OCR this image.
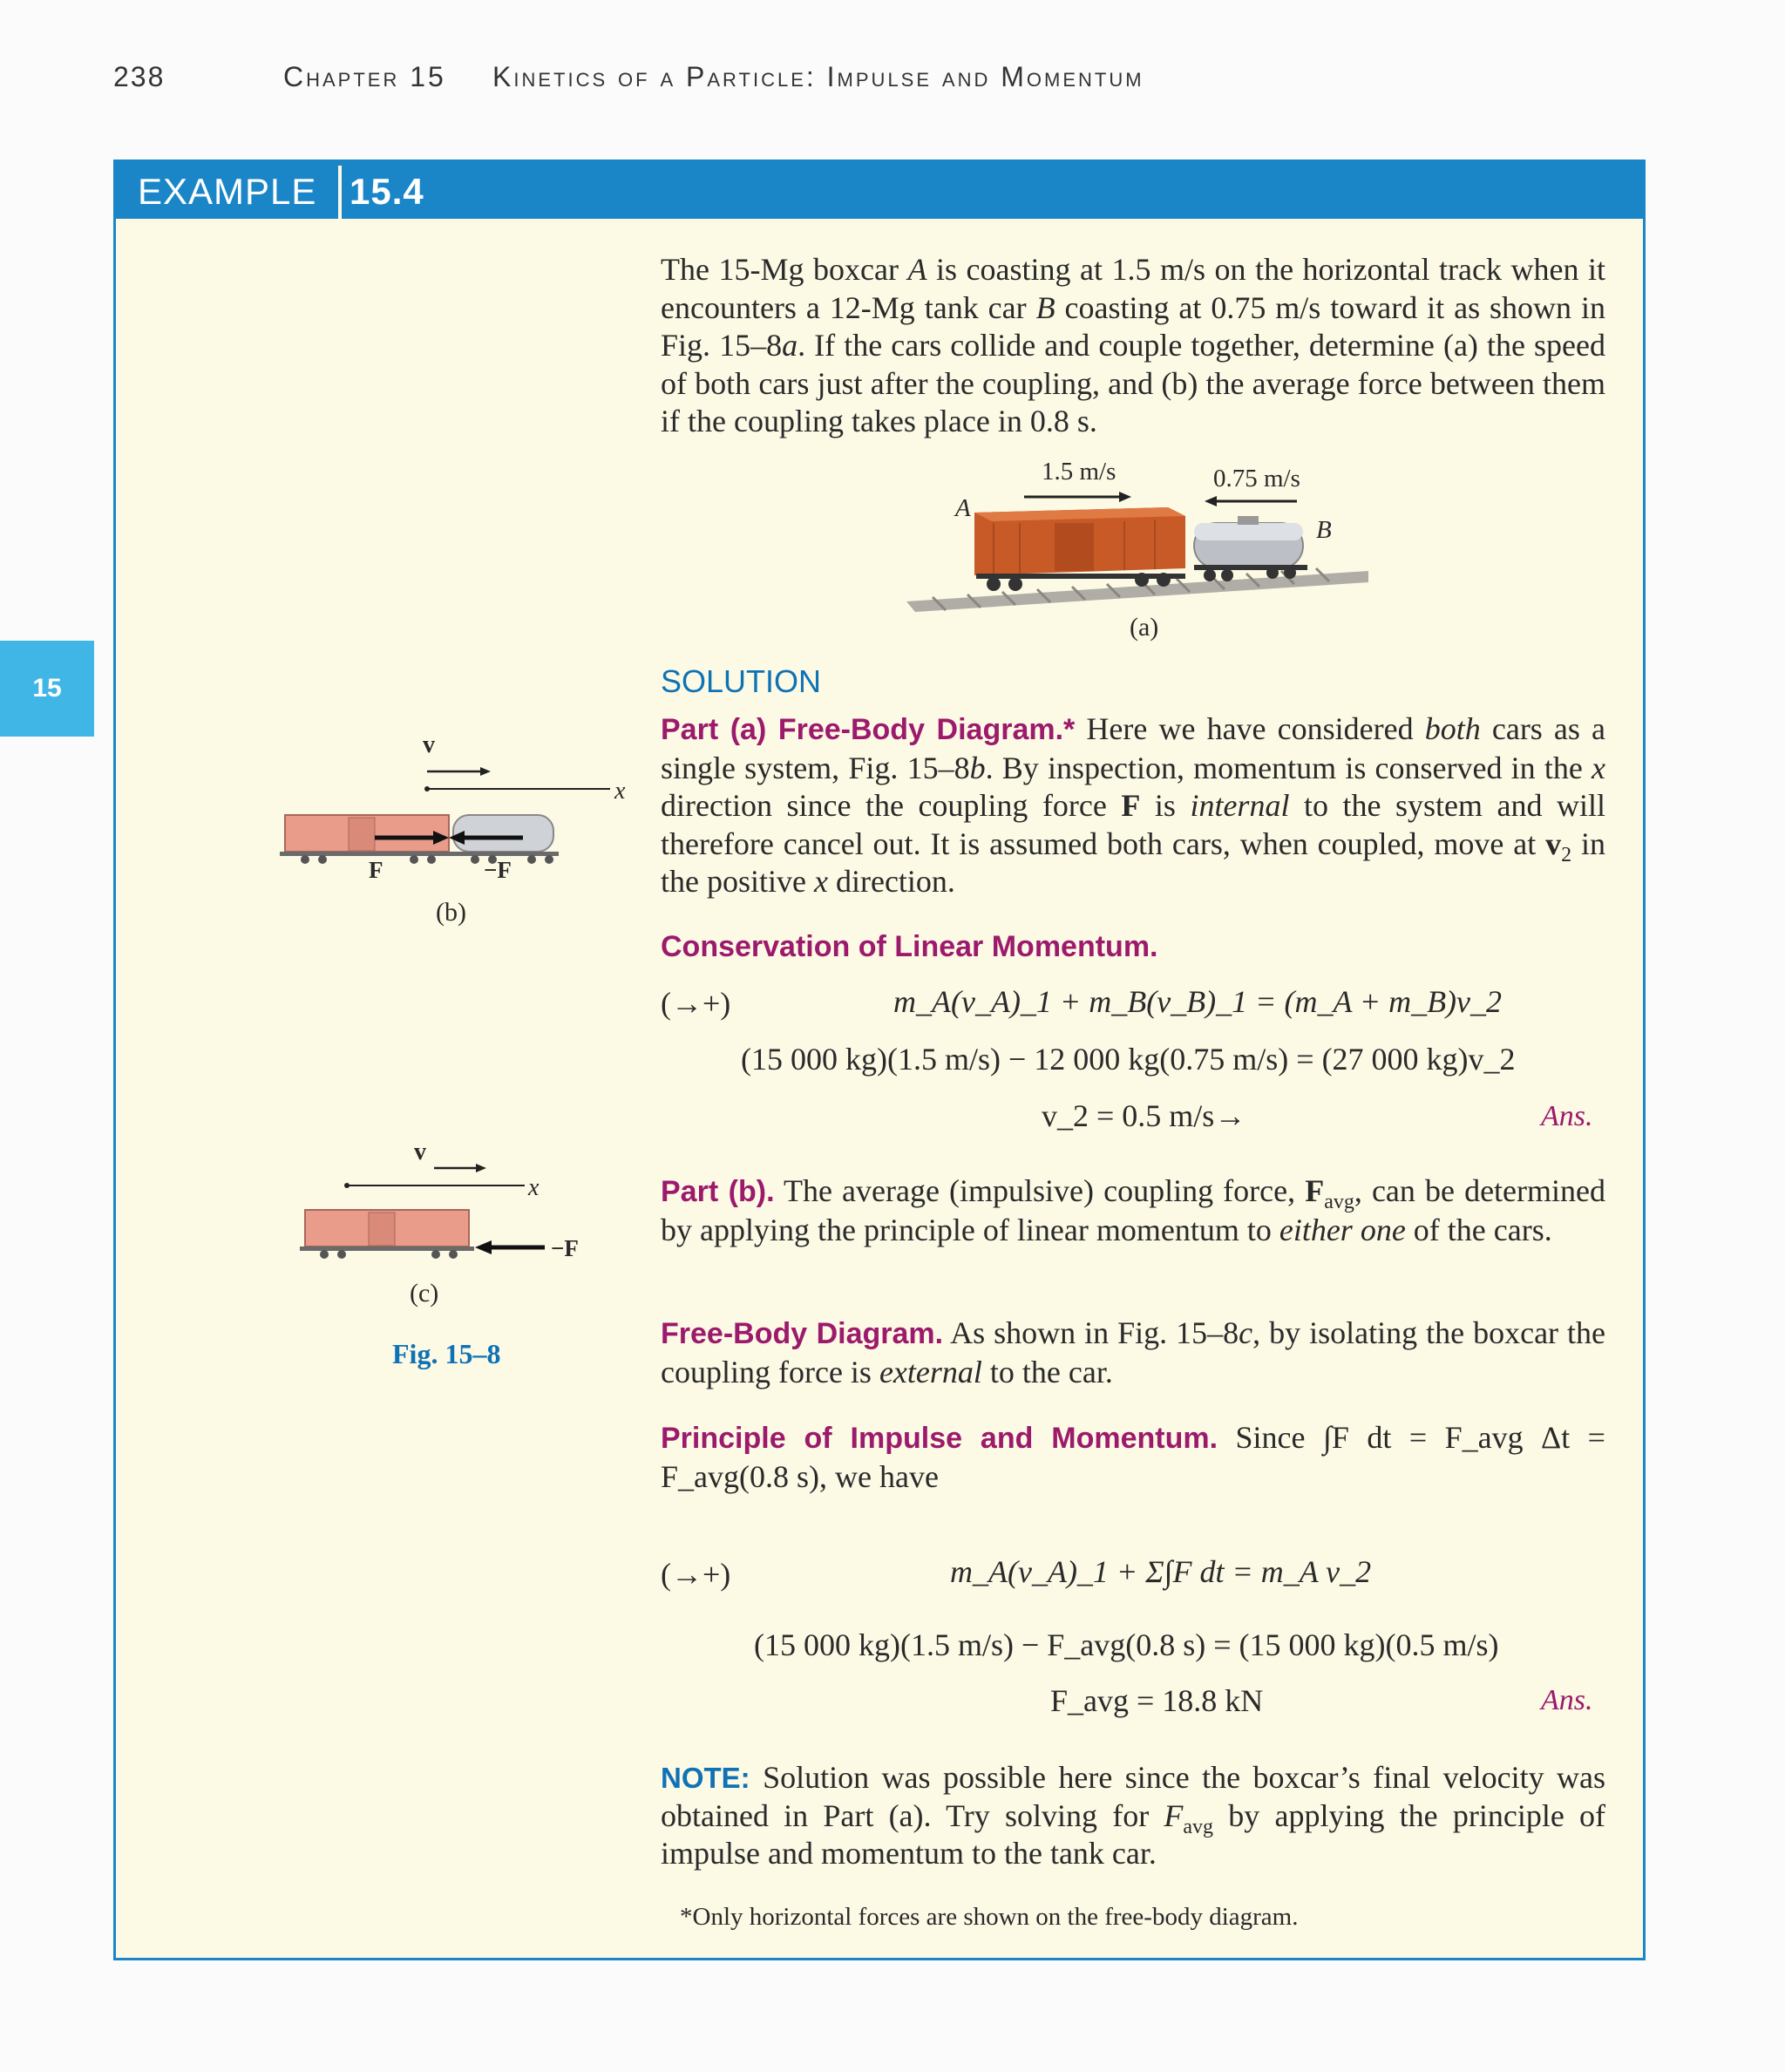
238	Chapter 15 Kinetics of a Particle: Impulse and Momentum
15
EXAMPLE 15.4
The 15-Mg boxcar A is coasting at 1.5 m/s on the horizontal track when it encounters a 12-Mg tank car B coasting at 0.75 m/s toward it as shown in Fig. 15–8a. If the cars collide and couple together, determine (a) the speed of both cars just after the coupling, and (b) the average force between them if the coupling takes place in 0.8 s.
1.5 m/s	0.75 m/s
A
B
(a)
v
x
F	−F
(b)
v
x
−F
(c)
Fig. 15–8
SOLUTION
Part (a) Free-Body Diagram.* Here we have considered both cars as a single system, Fig. 15–8b. By inspection, momentum is conserved in the x direction since the coupling force F is internal to the system and will therefore cancel out. It is assumed both cars, when coupled, move at $v_2$ in the positive x direction.
Conservation of Linear Momentum.
(→+)	m_A(v_A)_1 + m_B(v_B)_1 = (m_A + m_B)v_2
(15 000 kg)(1.5 m/s) − 12 000 kg(0.75 m/s) = (27 000 kg)v_2
v_2 = 0.5 m/s→	Ans.
Part (b). The average (impulsive) coupling force, $F_{avg}$, can be determined by applying the principle of linear momentum to either one of the cars.
Free-Body Diagram. As shown in Fig. 15–8c, by isolating the boxcar the coupling force is external to the car.
Principle of Impulse and Momentum. Since ∫F dt = F_avg Δt = F_avg(0.8 s), we have
(→+)	m_A(v_A)_1 + Σ∫F dt = m_A v_2
(15 000 kg)(1.5 m/s) − F_avg(0.8 s) = (15 000 kg)(0.5 m/s)
F_avg = 18.8 kN	Ans.
NOTE: Solution was possible here since the boxcar’s final velocity was obtained in Part (a). Try solving for $F_{avg}$ by applying the principle of impulse and momentum to the tank car.
*Only horizontal forces are shown on the free-body diagram.
